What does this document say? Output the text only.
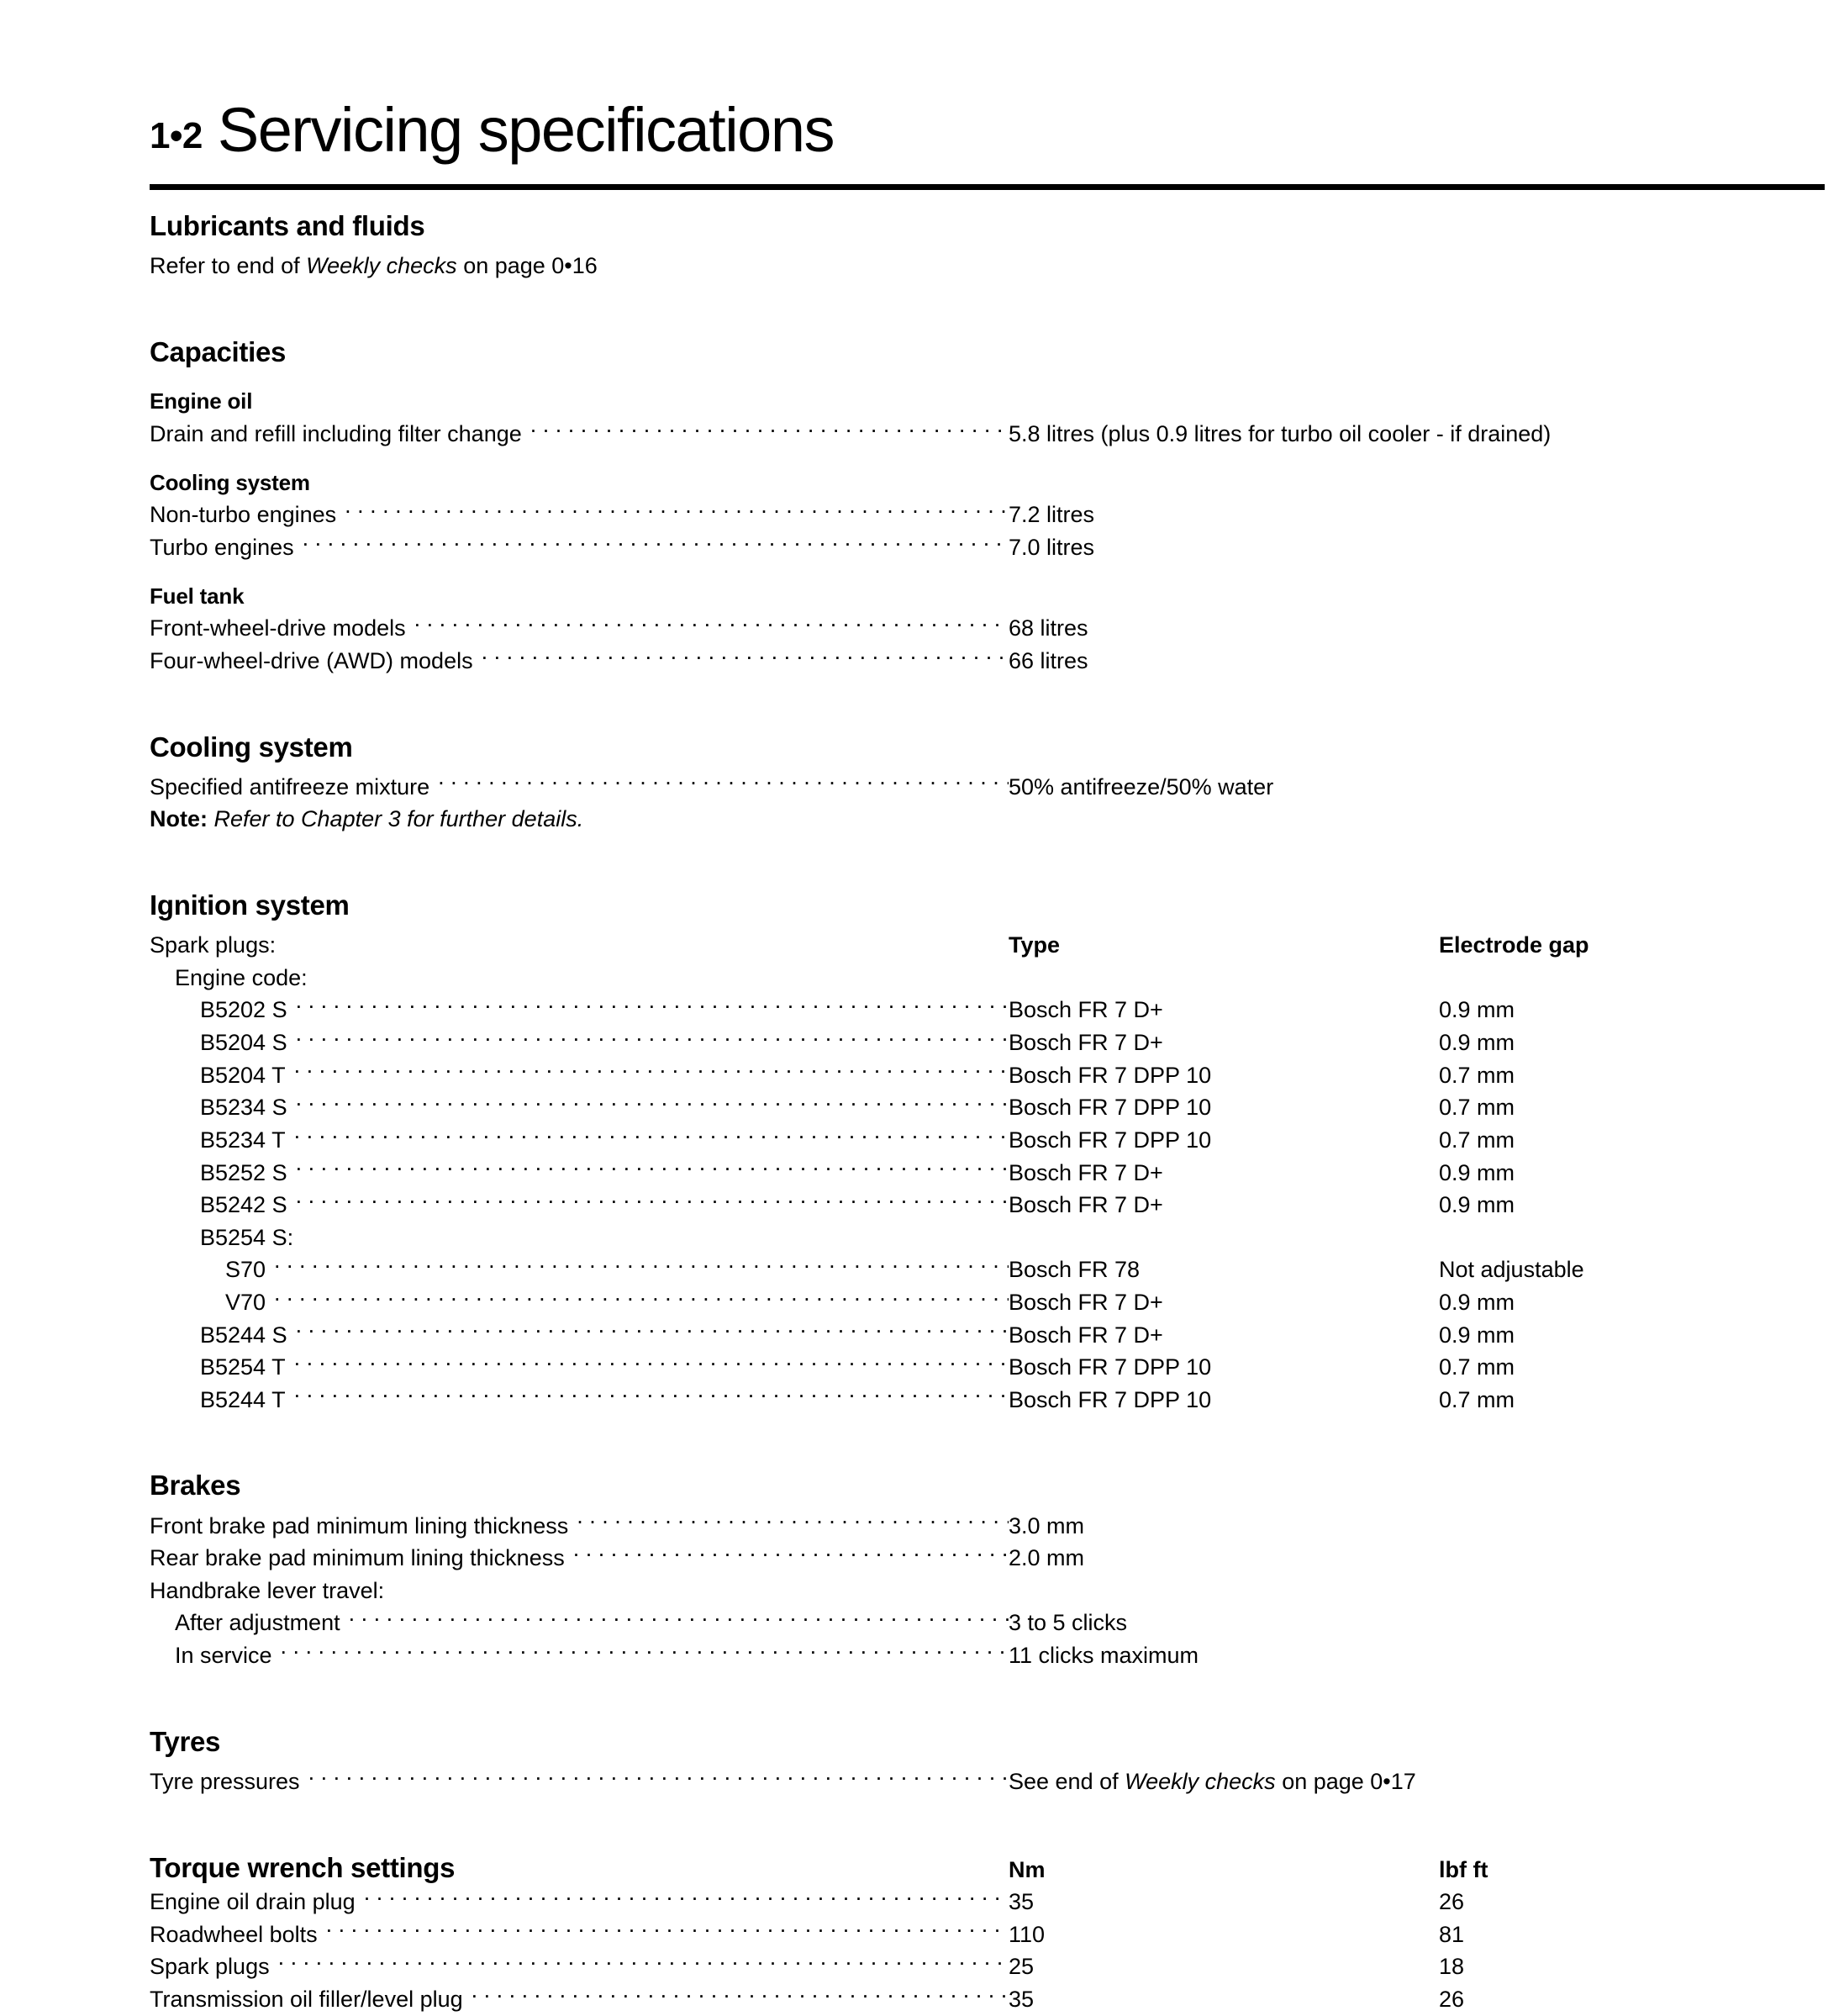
1•2 Servicing specifications
Lubricants and fluids
Refer to end of Weekly checks on page 0•16
Capacities
Engine oil
Drain and refill including filter change . . .	5.8 litres (plus 0.9 litres for turbo oil cooler - if drained)
Cooling system
Non-turbo engines . . .	7.2 litres
Turbo engines . . .	7.0 litres
Fuel tank
Front-wheel-drive models . . .	68 litres
Four-wheel-drive (AWD) models . . .	66 litres
Cooling system
Specified antifreeze mixture . . .	50% antifreeze/50% water
Note: Refer to Chapter 3 for further details.
Ignition system
Spark plugs:	Type	Electrode gap
Engine code:
B5202 S . . .	Bosch FR 7 D+	0.9 mm
B5204 S . . .	Bosch FR 7 D+	0.9 mm
B5204 T . . .	Bosch FR 7 DPP 10	0.7 mm
B5234 S . . .	Bosch FR 7 DPP 10	0.7 mm
B5234 T . . .	Bosch FR 7 DPP 10	0.7 mm
B5252 S . . .	Bosch FR 7 D+	0.9 mm
B5242 S . . .	Bosch FR 7 D+	0.9 mm
B5254 S:
S70 . . .	Bosch FR 78	Not adjustable
V70 . . .	Bosch FR 7 D+	0.9 mm
B5244 S . . .	Bosch FR 7 D+	0.9 mm
B5254 T . . .	Bosch FR 7 DPP 10	0.7 mm
B5244 T . . .	Bosch FR 7 DPP 10	0.7 mm
Brakes
Front brake pad minimum lining thickness . . .	3.0 mm
Rear brake pad minimum lining thickness . . .	2.0 mm
Handbrake lever travel:
After adjustment . . .	3 to 5 clicks
In service . . .	11 clicks maximum
Tyres
Tyre pressures . . .	See end of Weekly checks on page 0•17
Torque wrench settings	Nm	lbf ft
Engine oil drain plug . . .	35	26
Roadwheel bolts . . .	110	81
Spark plugs . . .	25	18
Transmission oil filler/level plug . . .	35	26
